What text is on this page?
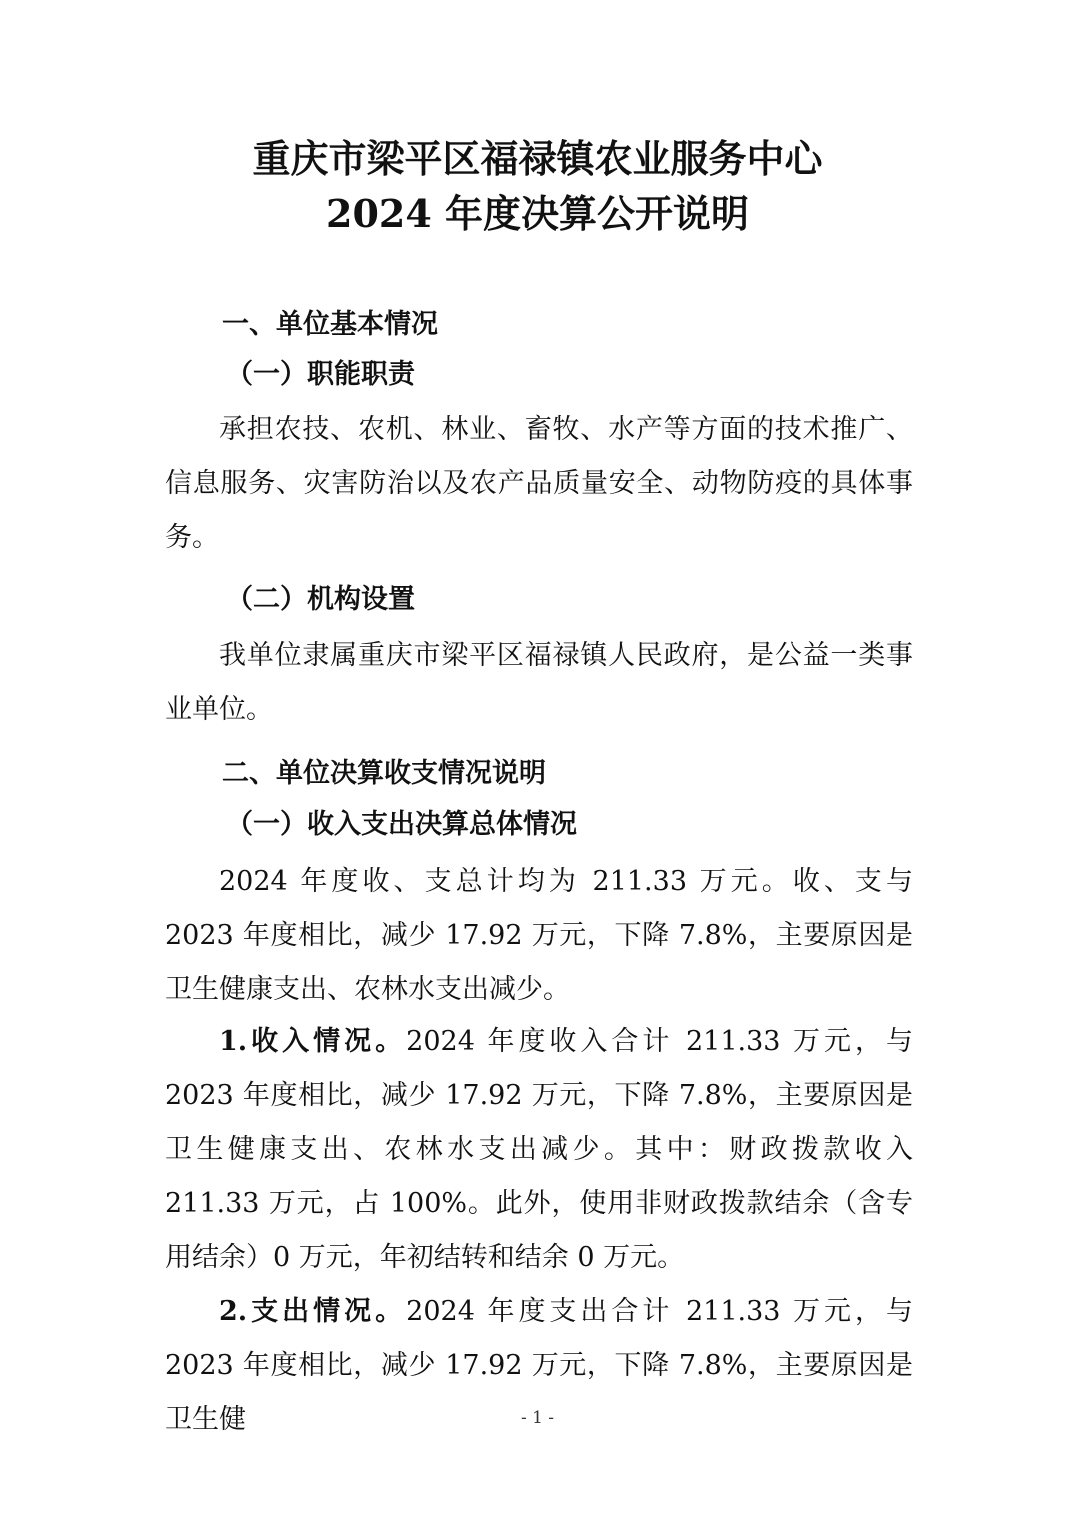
重庆市梁平区福禄镇农业服务中心
2024 年度决算公开说明
一、单位基本情况
（一）职能职责

承担农技、农机、林业、畜牧、水产等方面的技术推广、信息服务、灾害防治以及农产品质量安全、动物防疫的具体事务。

（二）机构设置

我单位隶属重庆市梁平区福禄镇人民政府，是公益一类事业单位。

二、单位决算收支情况说明
（一）收入支出决算总体情况

2024 年度收、支总计均为 211.33 万元。收、支与 2023 年度相比，减少 17.92 万元，下降 7.8%，主要原因是卫生健康支出、农林水支出减少。

1.收入情况。2024 年度收入合计 211.33 万元，与 2023 年度相比，减少 17.92 万元，下降 7.8%，主要原因是卫生健康支出、农林水支出减少。其中：财政拨款收入 211.33 万元，占 100%。此外，使用非财政拨款结余（含专用结余）0 万元，年初结转和结余 0 万元。

2.支出情况。2024 年度支出合计 211.33 万元，与 2023 年度相比，减少 17.92 万元，下降 7.8%，主要原因是卫生健	- 1 -
